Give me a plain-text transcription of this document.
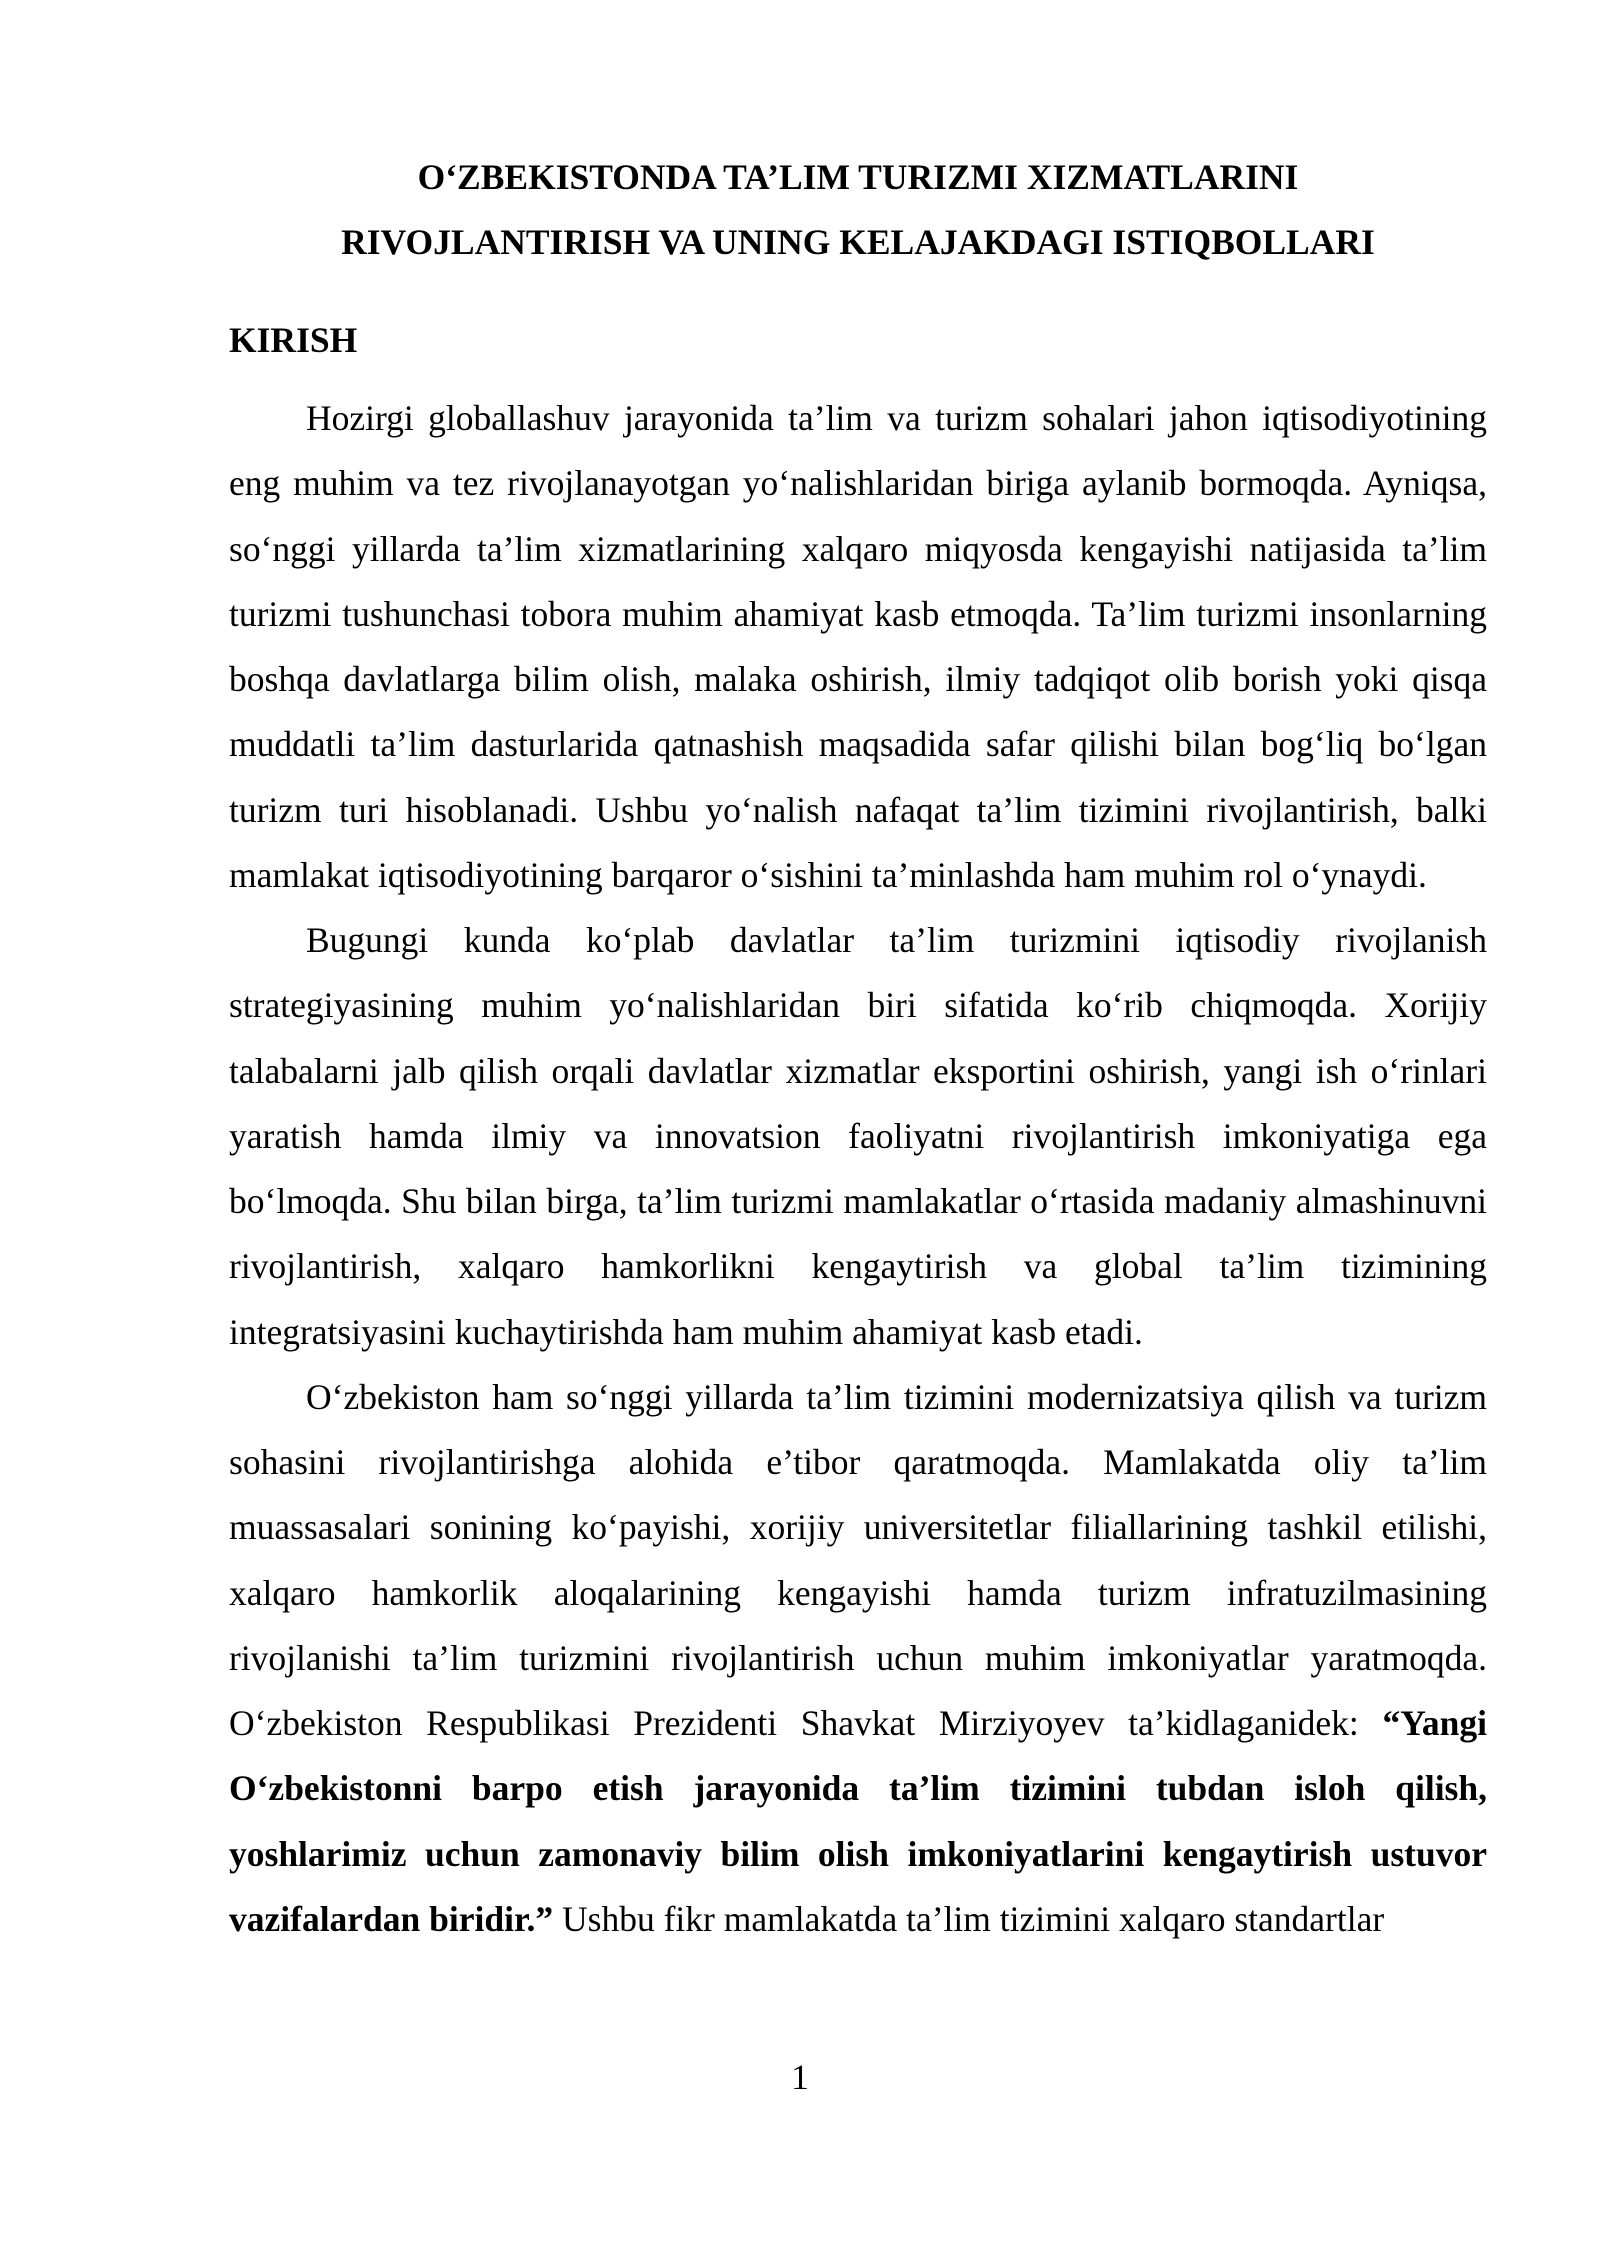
O‘ZBEKISTONDA TA’LIM TURIZMI XIZMATLARINI
RIVOJLANTIRISH VA UNING KELAJAKDAGI ISTIQBOLLARI

KIRISH

Hozirgi globallashuv jarayonida ta’lim va turizm sohalari jahon iqtisodiyotining eng muhim va tez rivojlanayotgan yo‘nalishlaridan biriga aylanib bormoqda. Ayniqsa, so‘nggi yillarda ta’lim xizmatlarining xalqaro miqyosda kengayishi natijasida ta’lim turizmi tushunchasi tobora muhim ahamiyat kasb etmoqda. Ta’lim turizmi insonlarning boshqa davlatlarga bilim olish, malaka oshirish, ilmiy tadqiqot olib borish yoki qisqa muddatli ta’lim dasturlarida qatnashish maqsadida safar qilishi bilan bog‘liq bo‘lgan turizm turi hisoblanadi. Ushbu yo‘nalish nafaqat ta’lim tizimini rivojlantirish, balki mamlakat iqtisodiyotining barqaror o‘sishini ta’minlashda ham muhim rol o‘ynaydi.

Bugungi kunda ko‘plab davlatlar ta’lim turizmini iqtisodiy rivojlanish strategiyasining muhim yo‘nalishlaridan biri sifatida ko‘rib chiqmoqda. Xorijiy talabalarni jalb qilish orqali davlatlar xizmatlar eksportini oshirish, yangi ish o‘rinlari yaratish hamda ilmiy va innovatsion faoliyatni rivojlantirish imkoniyatiga ega bo‘lmoqda. Shu bilan birga, ta’lim turizmi mamlakatlar o‘rtasida madaniy almashinuvni rivojlantirish, xalqaro hamkorlikni kengaytirish va global ta’lim tizimining integratsiyasini kuchaytirishda ham muhim ahamiyat kasb etadi.

O‘zbekiston ham so‘nggi yillarda ta’lim tizimini modernizatsiya qilish va turizm sohasini rivojlantirishga alohida e’tibor qaratmoqda. Mamlakatda oliy ta’lim muassasalari sonining ko‘payishi, xorijiy universitetlar filiallarining tashkil etilishi, xalqaro hamkorlik aloqalarining kengayishi hamda turizm infratuzilmasining rivojlanishi ta’lim turizmini rivojlantirish uchun muhim imkoniyatlar yaratmoqda. O‘zbekiston Respublikasi Prezidenti Shavkat Mirziyoyev ta’kidlaganidek: “Yangi O‘zbekistonni barpo etish jarayonida ta’lim tizimini tubdan isloh qilish, yoshlarimiz uchun zamonaviy bilim olish imkoniyatlarini kengaytirish ustuvor vazifalardan biridir.” Ushbu fikr mamlakatda ta’lim tizimini xalqaro standartlar

1
